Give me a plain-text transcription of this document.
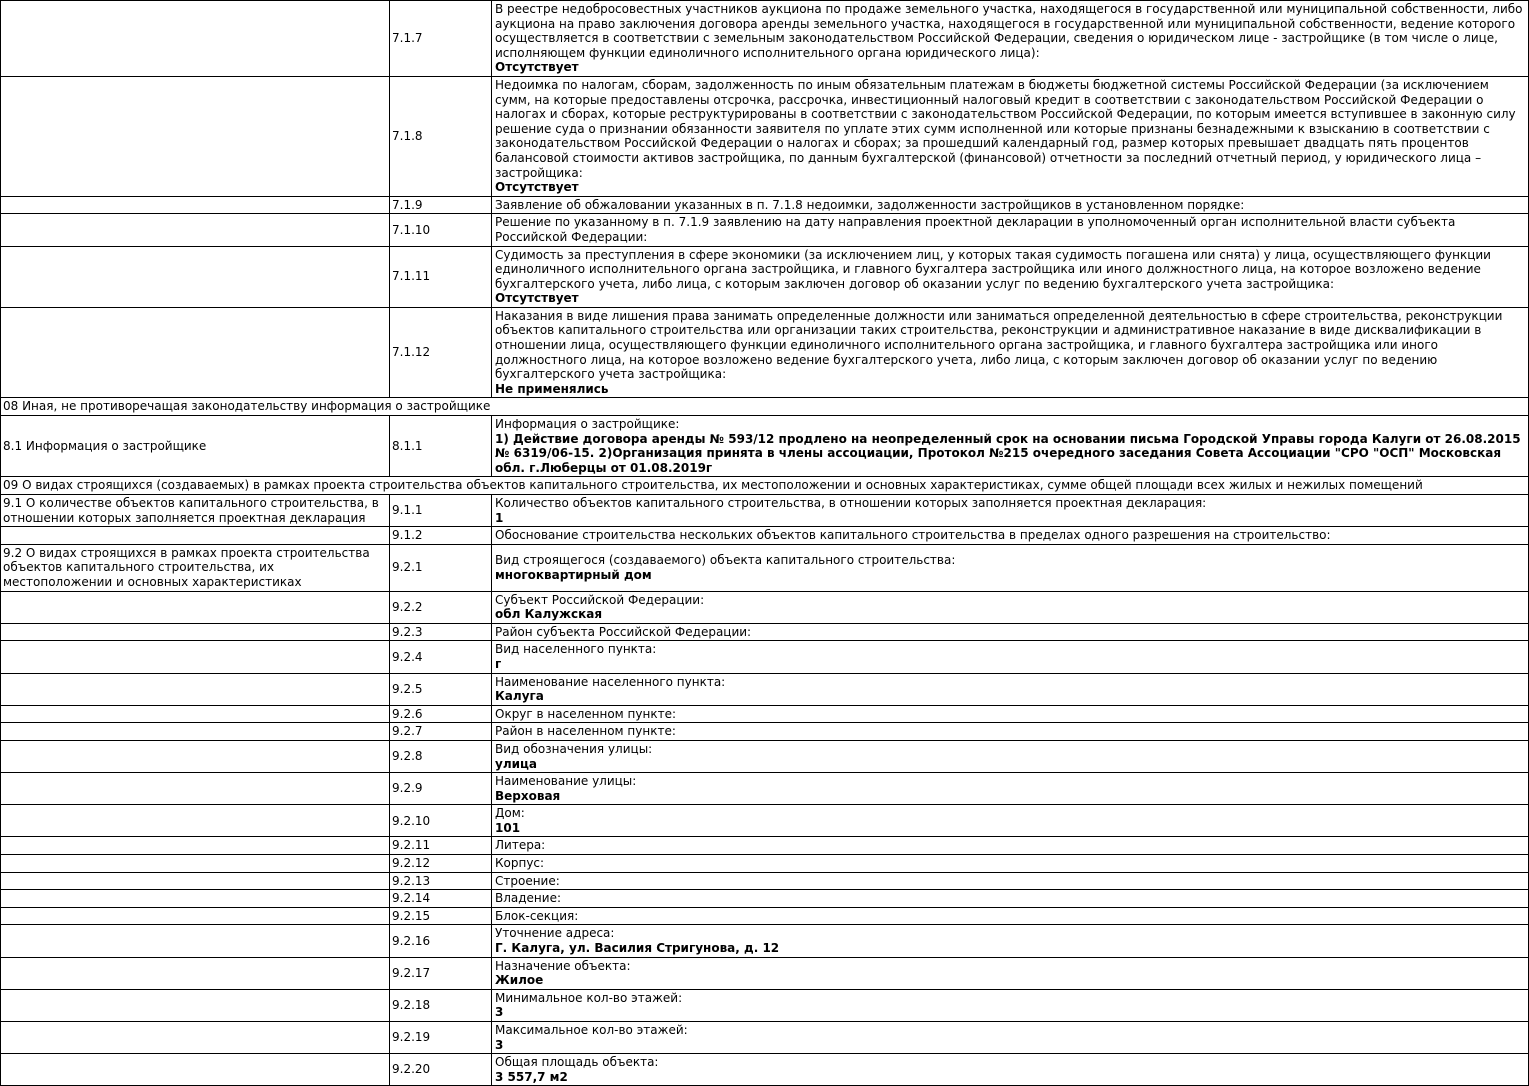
	7.1.7	В реестре недобросовестных участников аукциона по продаже земельного участка, находящегося в государственной или муниципальной собственности, либо аукциона на право заключения договора аренды земельного участка, находящегося в государственной или муниципальной собственности, ведение которого осуществляется в соответствии с земельным законодательством Российской Федерации, сведения о юридическом лице - застройщике (в том числе о лице, исполняющем функции единоличного исполнительного органа юридического лица):
Отсутствует

	7.1.8	Недоимка по налогам, сборам, задолженность по иным обязательным платежам в бюджеты бюджетной системы Российской Федерации (за исключением сумм, на которые предоставлены отсрочка, рассрочка, инвестиционный налоговый кредит в соответствии с законодательством Российской Федерации о налогах и сборах, которые реструктурированы в соответствии с законодательством Российской Федерации, по которым имеется вступившее в законную силу решение суда о признании обязанности заявителя по уплате этих сумм исполненной или которые признаны безнадежными к взысканию в соответствии с законодательством Российской Федерации о налогах и сборах; за прошедший календарный год, размер которых превышает двадцать пять процентов балансовой стоимости активов застройщика, по данным бухгалтерской (финансовой) отчетности за последний отчетный период, у юридического лица – застройщика:
Отсутствует

	7.1.9	Заявление об обжаловании указанных в п. 7.1.8 недоимки, задолженности застройщиков в установленном порядке:

	7.1.10	Решение по указанному в п. 7.1.9 заявлению на дату направления проектной декларации в уполномоченный орган исполнительной власти субъекта Российской Федерации:

	7.1.11	Судимость за преступления в сфере экономики (за исключением лиц, у которых такая судимость погашена или снята) у лица, осуществляющего функции единоличного исполнительного органа застройщика, и главного бухгалтера застройщика или иного должностного лица, на которое возложено ведение бухгалтерского учета, либо лица, с которым заключен договор об оказании услуг по ведению бухгалтерского учета застройщика:
Отсутствует

	7.1.12	Наказания в виде лишения права занимать определенные должности или заниматься определенной деятельностью в сфере строительства, реконструкции объектов капитального строительства или организации таких строительства, реконструкции и административное наказание в виде дисквалификации в отношении лица, осуществляющего функции единоличного исполнительного органа застройщика, и главного бухгалтера застройщика или иного должностного лица, на которое возложено ведение бухгалтерского учета, либо лица, с которым заключен договор об оказании услуг по ведению бухгалтерского учета застройщика:
Не применялись

08 Иная, не противоречащая законодательству информация о застройщике		
8.1 Информация о застройщике	8.1.1	Информация о застройщике:
1) Действие договора аренды № 593/12 продлено на неопределенный срок на основании письма Городской Управы города Калуги от 26.08.2015 № 6319/06-15. 2)Организация принята в члены ассоциации, Протокол №215 очередного заседания Совета Ассоциации "СРО "ОСП" Московская обл. г.Люберцы от 01.08.2019г

09 О видах строящихся (создаваемых) в рамках проекта строительства объектов капитального строительства, их местоположении и основных характеристиках, сумме общей площади всех жилых и нежилых помещений		
9.1 О количестве объектов капитального строительства, в отношении которых заполняется проектная декларация	9.1.1	Количество объектов капитального строительства, в отношении которых заполняется проектная декларация:
1

	9.1.2	Обоснование строительства нескольких объектов капитального строительства в пределах одного разрешения на строительство:

9.2 О видах строящихся в рамках проекта строительства объектов капитального строительства, их местоположении и основных характеристиках	9.2.1	Вид строящегося (создаваемого) объекта капитального строительства:
многоквартирный дом

	9.2.2	Субъект Российской Федерации:
обл Калужская

	9.2.3	Район субъекта Российской Федерации:

	9.2.4	Вид населенного пункта:
г

	9.2.5	Наименование населенного пункта:
Калуга

	9.2.6	Округ в населенном пункте:

	9.2.7	Район в населенном пункте:

	9.2.8	Вид обозначения улицы:
улица

	9.2.9	Наименование улицы:
Верховая

	9.2.10	Дом:
101

	9.2.11	Литера:

	9.2.12	Корпус:

	9.2.13	Строение:

	9.2.14	Владение:

	9.2.15	Блок-секция:

	9.2.16	Уточнение адреса:
Г. Калуга, ул. Василия Стригунова, д. 12

	9.2.17	Назначение объекта:
Жилое

	9.2.18	Минимальное кол-во этажей:
3

	9.2.19	Максимальное кол-во этажей:
3

	9.2.20	Общая площадь объекта:
3 557,7 м2
